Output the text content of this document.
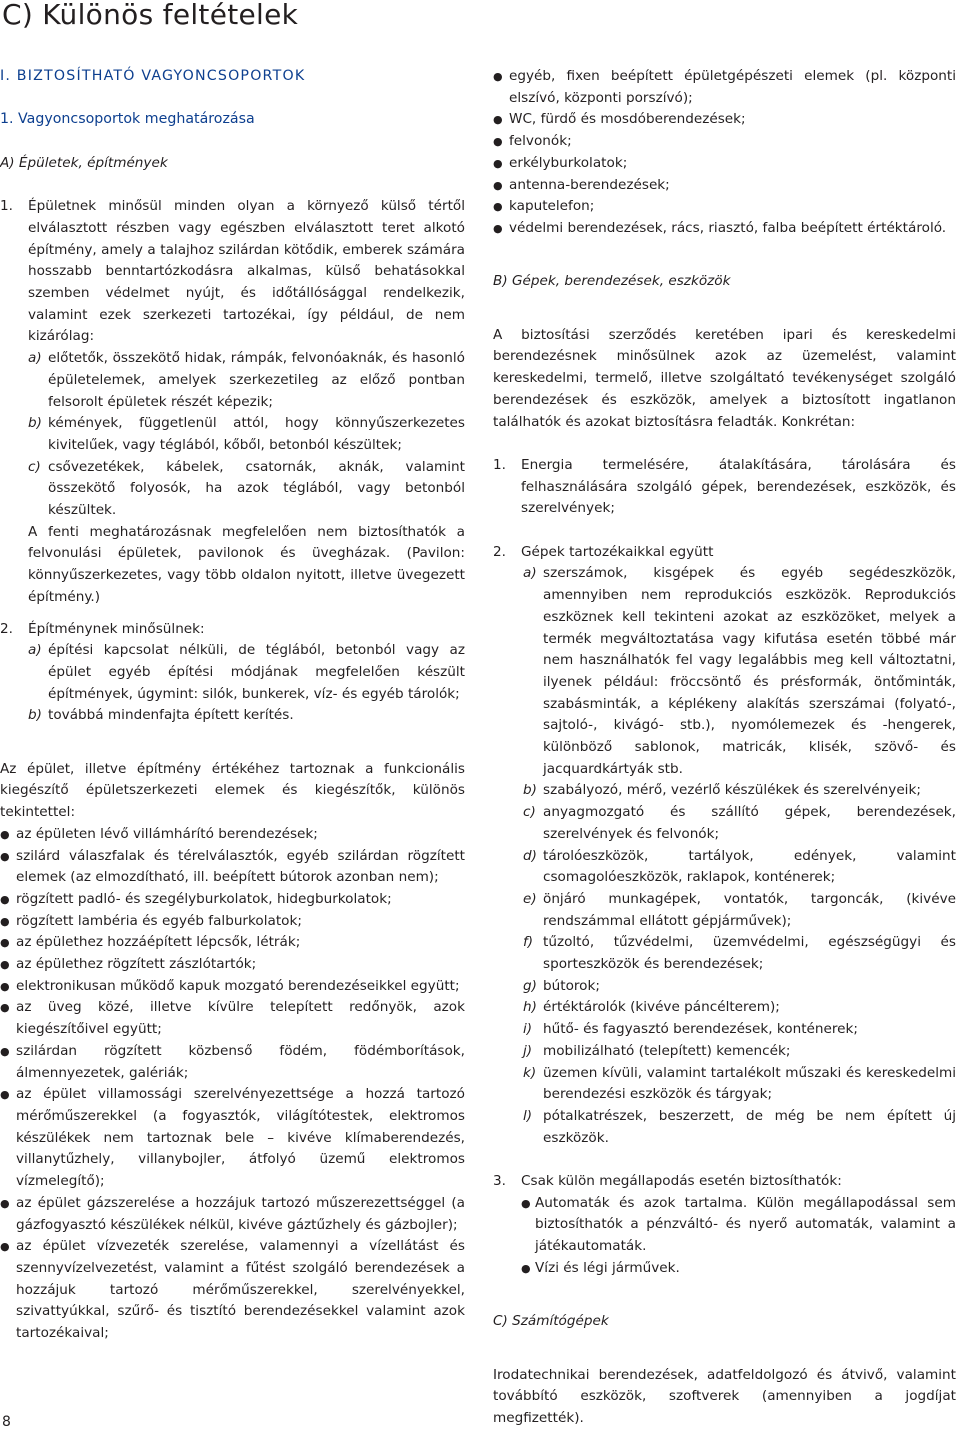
C) Különös feltételek

I. BIZTOSÍTHATÓ VAGYONCSOPORTOK

1. Vagyoncsoportok meghatározása

A) Épületek, építmények

1.	Épületnek minősül minden olyan a környező külső tértől elválasztott részben vagy egészben elválasztott teret alkotó építmény, amely a talajhoz szilárdan kötődik, emberek számára hosszabb benntartózkodásra alkalmas, külső behatásokkal szemben védelmet nyújt, és időtállósággal rendelkezik, valamint ezek szerkezeti tartozékai, így például, de nem kizárólag:
a) előtetők, összekötő hidak, rámpák, felvonóaknák, és hasonló épületelemek, amelyek szerkezetileg az előző pontban felsorolt épületek részét képezik;
b) kémények, függetlenül attól, hogy könnyűszerkezetes kivitelűek, vagy téglából, kőből, betonból készültek;
c) csővezetékek, kábelek, csatornák, aknák, valamint összekötő folyosók, ha azok téglából, vagy betonból készültek.

A fenti meghatározásnak megfelelően nem biztosíthatók a felvonulási épületek, pavilonok és üvegházak. (Pavilon: könnyűszerkezetes, vagy több oldalon nyitott, illetve üvegezett építmény.)

2.	Építménynek minősülnek:
a) építési kapcsolat nélküli, de téglából, betonból vagy az épület egyéb építési módjának megfelelően készült építmények, úgymint: silók, bunkerek, víz- és egyéb tárolók;
b) továbbá mindenfajta épített kerítés.

Az épület, illetve építmény értékéhez tartoznak a funkcionális kiegészítő épületszerkezeti elemek és kiegészítők, különös tekintettel:

● az épületen lévő villámhárító berendezések;
● szilárd válaszfalak és térelválasztók, egyéb szilárdan rögzített elemek (az elmozdítható, ill. beépített bútorok azonban nem);
● rögzített padló- és szegélyburkolatok, hidegburkolatok;
● rögzített lambéria és egyéb falburkolatok;
● az épülethez hozzáépített lépcsők, létrák;
● az épülethez rögzített zászlótartók;
● elektronikusan működő kapuk mozgató berendezéseikkel együtt;
● az üveg közé, illetve kívülre telepített redőnyök, azok kiegészítőivel együtt;
● szilárdan rögzített közbenső födém, födémborítások, álmennyezetek, galériák;
● az épület villamossági szerelvényezettsége a hozzá tartozó mérőműszerekkel (a fogyasztók, világítótestek, elektromos készülékek nem tartoznak bele – kivéve klímaberendezés, villanytűzhely, villanybojler, átfolyó üzemű elektromos vízmelegítő);
● az épület gázszerelése a hozzájuk tartozó műszerezettséggel (a gázfogyasztó készülékek nélkül, kivéve gáztűzhely és gázbojler);
● az épület vízvezeték szerelése, valamennyi a vízellátást és szennyvízelvezetést, valamint a fűtést szolgáló berendezések a hozzájuk tartozó mérőműszerekkel, szerelvényekkel, szivattyúkkal, szűrő- és tisztító berendezésekkel valamint azok tartozékaival;
● egyéb, fixen beépített épületgépészeti elemek (pl. központi elszívó, központi porszívó);
● WC, fürdő és mosdóberendezések;
● felvonók;
● erkélyburkolatok;
● antenna-berendezések;
● kaputelefon;
● védelmi berendezések, rács, riasztó, falba beépített értéktároló.

B) Gépek, berendezések, eszközök

A biztosítási szerződés keretében ipari és kereskedelmi berendezésnek minősülnek azok az üzemelést, valamint kereskedelmi, termelő, illetve szolgáltató tevékenységet szolgáló berendezések és eszközök, amelyek a biztosított ingatlanon találhatók és azokat biztosításra feladták. Konkrétan:

1.	Energia termelésére, átalakítására, tárolására és felhasználására szolgáló gépek, berendezések, eszközök, és szerelvények;
2.	Gépek tartozékaikkal együtt
a) szerszámok, kisgépek és egyéb segédeszközök, amennyiben nem reprodukciós eszközök. Reprodukciós eszköznek kell tekinteni azokat az eszközöket, melyek a termék megváltoztatása vagy kifutása esetén többé már nem használhatók fel vagy legalábbis meg kell változtatni, ilyenek például: fröccsöntő és présformák, öntőminták, szabásminták, a képlékeny alakítás szerszámai (folyató-, sajtoló-, kivágó- stb.), nyomólemezek és -hengerek, különböző sablonok, matricák, klisék, szövő- és jacquardkártyák stb.
b) szabályozó, mérő, vezérlő készülékek és szerelvényeik;
c) anyagmozgató és szállító gépek, berendezések, szerelvények és felvonók;
d) tárolóeszközök, tartályok, edények, valamint csomagolóeszközök, raklapok, konténerek;
e) önjáró munkagépek, vontatók, targoncák, (kivéve rendszámmal ellátott gépjárművek);
f) tűzoltó, tűzvédelmi, üzemvédelmi, egészségügyi és sporteszközök és berendezések;
g) bútorok;
h) értéktárolók (kivéve páncélterem);
i) hűtő- és fagyasztó berendezések, konténerek;
j) mobilizálható (telepített) kemencék;
k) üzemen kívüli, valamint tartalékolt műszaki és kereskedelmi berendezési eszközök és tárgyak;
l) pótalkatrészek, beszerzett, de még be nem épített új eszközök.
3.	Csak külön megállapodás esetén biztosíthatók:
● Automaták és azok tartalma. Külön megállapodással sem biztosíthatók a pénzváltó- és nyerő automaták, valamint a játékautomaták.
● Vízi és légi járművek.

C) Számítógépek

Irodatechnikai berendezések, adatfeldolgozó és átvivő, valamint továbbító eszközök, szoftverek (amennyiben a jogdíjat megfizették).

8
